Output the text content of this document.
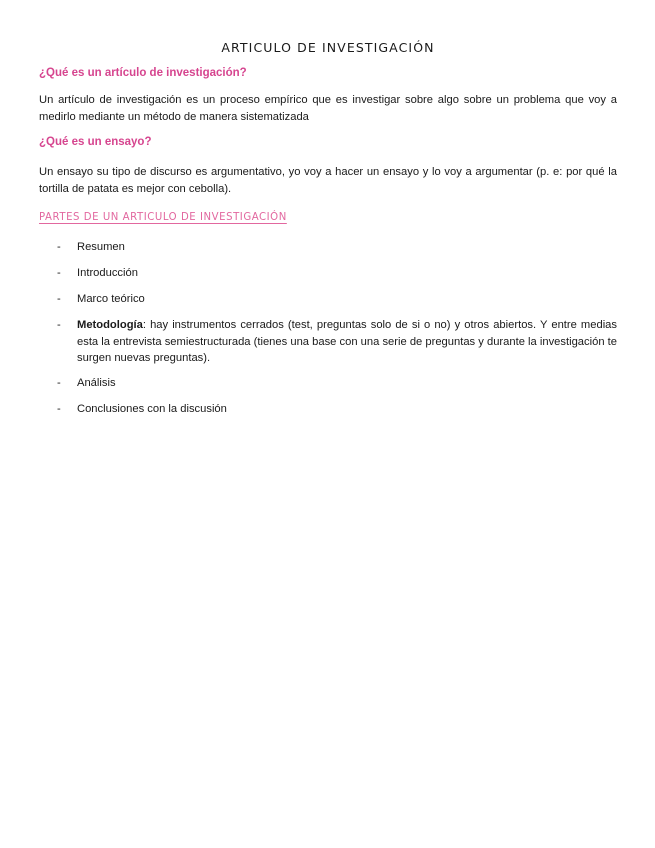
ARTICULO DE INVESTIGACIÓN
¿Qué es un artículo de investigación?
Un artículo de investigación es un proceso empírico que es investigar sobre algo sobre un problema que voy a medirlo mediante un método de manera sistematizada
¿Qué es un ensayo?
Un ensayo su tipo de discurso es argumentativo, yo voy a hacer un ensayo y lo voy a argumentar (p. e: por qué la tortilla de patata es mejor con cebolla).
PARTES DE UN ARTICULO DE INVESTIGACIÓN
- Resumen
- Introducción
- Marco teórico
- Metodología: hay instrumentos cerrados (test, preguntas solo de si o no) y otros abiertos. Y entre medias esta la entrevista semiestructurada (tienes una base con una serie de preguntas y durante la investigación te surgen nuevas preguntas).
- Análisis
- Conclusiones con la discusión
